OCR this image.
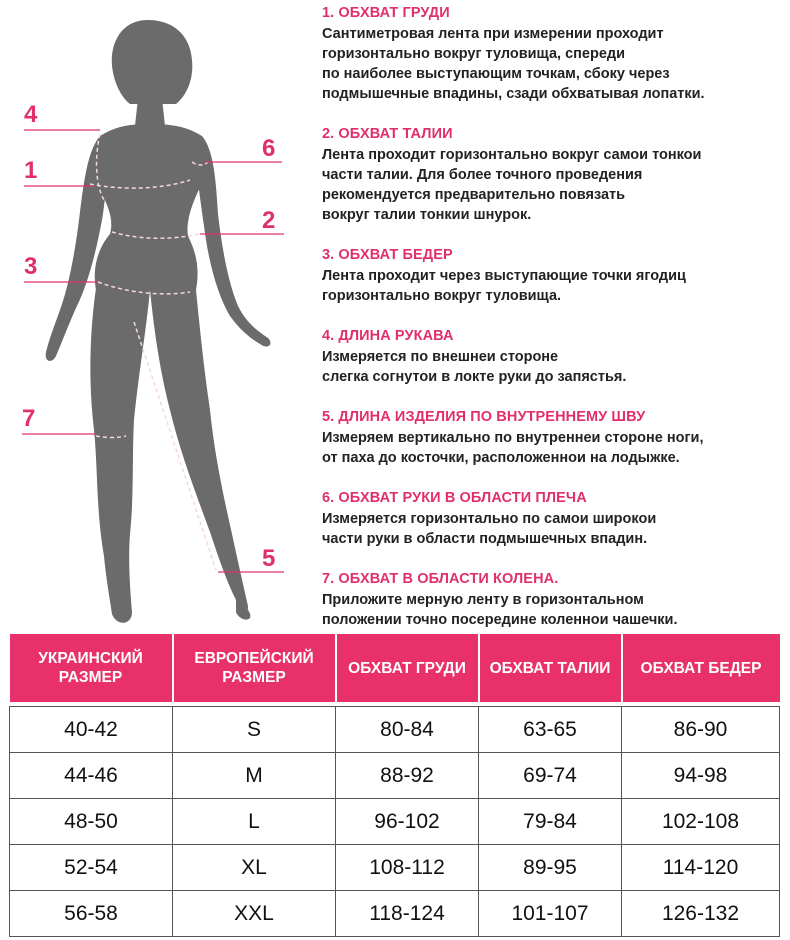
4
1
3
7
6
2
5
1. ОБХВАТ ГРУДИ

Сантиметровая лента при измерении проходит
горизонтально вокруг туловища, спереди
по наиболее выступающим точкам, сбоку через
подмышечные впадины, сзади обхватывая лопатки.

2. ОБХВАТ ТАЛИИ

Лента проходит горизонтально вокруг самои тонкои
части талии. Для более точного проведения
рекомендуется предварительно повязать
вокруг талии тонкии шнурок.

3. ОБХВАТ БЕДЕР

Лента проходит через выступающие точки ягодиц
горизонтально вокруг туловища.

4. ДЛИНА РУКАВА

Измеряется по внешнеи стороне
слегка согнутои в локте руки до запястья.

5. ДЛИНА ИЗДЕЛИЯ ПО ВНУТРЕННЕМУ ШВУ

Измеряем вертикально по внутреннеи стороне ноги,
от паха до косточки, расположеннои на лодыжке.

6. ОБХВАТ РУКИ В ОБЛАСТИ ПЛЕЧА

Измеряется горизонтально по самои широкои
части руки в области подмышечных впадин.

7. ОБХВАТ В ОБЛАСТИ КОЛЕНА.

Приложите мерную ленту в горизонтальном
положении точно посередине коленнои чашечки.

УКРАИНСКИЙ РАЗМЕР	ЕВРОПЕЙСКИЙ РАЗМЕР	ОБХВАТ ГРУДИ	ОБХВАТ ТАЛИИ	ОБХВАТ БЕДЕР

40-42	S	80-84	63-65	86-90
44-46	M	88-92	69-74	94-98
48-50	L	96-102	79-84	102-108
52-54	XL	108-112	89-95	114-120
56-58	XXL	118-124	101-107	126-132
